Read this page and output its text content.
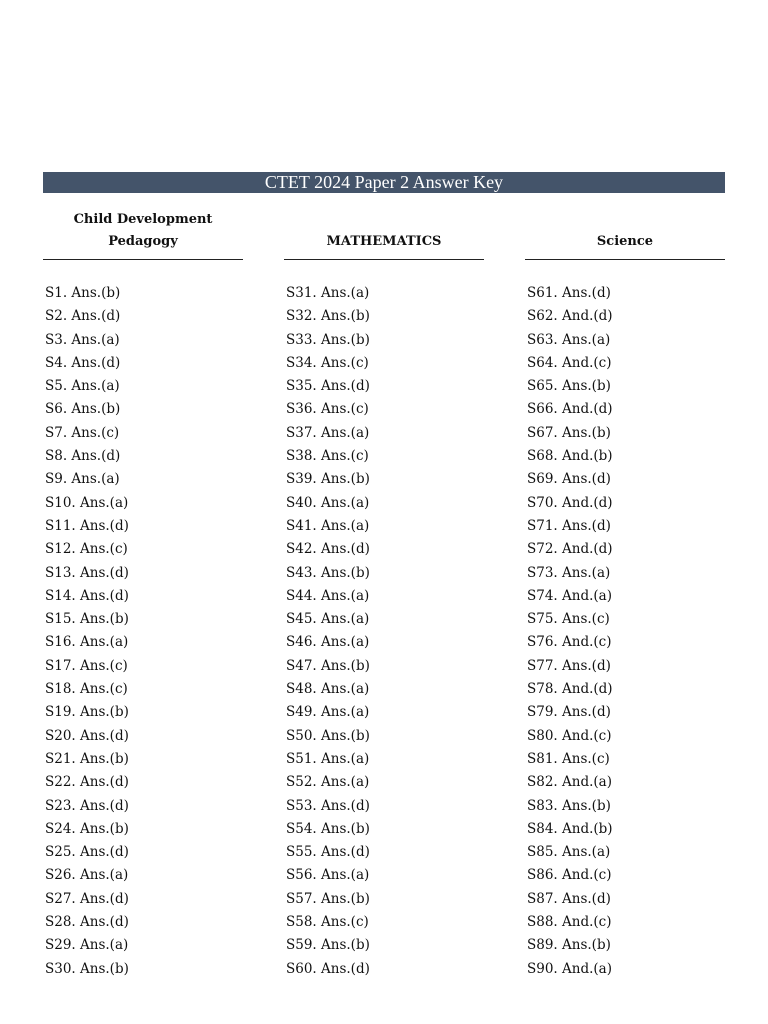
CTET 2024 Paper 2 Answer Key
Child Development
Pedagogy	MATHEMATICS	Science
S1. Ans.(b)
S2. Ans.(d)
S3. Ans.(a)
S4. Ans.(d)
S5. Ans.(a)
S6. Ans.(b)
S7. Ans.(c)
S8. Ans.(d)
S9. Ans.(a)
S10. Ans.(a)
S11. Ans.(d)
S12. Ans.(c)
S13. Ans.(d)
S14. Ans.(d)
S15. Ans.(b)
S16. Ans.(a)
S17. Ans.(c)
S18. Ans.(c)
S19. Ans.(b)
S20. Ans.(d)
S21. Ans.(b)
S22. Ans.(d)
S23. Ans.(d)
S24. Ans.(b)
S25. Ans.(d)
S26. Ans.(a)
S27. Ans.(d)
S28. Ans.(d)
S29. Ans.(a)
S30. Ans.(b)
S31. Ans.(a)
S32. Ans.(b)
S33. Ans.(b)
S34. Ans.(c)
S35. Ans.(d)
S36. Ans.(c)
S37. Ans.(a)
S38. Ans.(c)
S39. Ans.(b)
S40. Ans.(a)
S41. Ans.(a)
S42. Ans.(d)
S43. Ans.(b)
S44. Ans.(a)
S45. Ans.(a)
S46. Ans.(a)
S47. Ans.(b)
S48. Ans.(a)
S49. Ans.(a)
S50. Ans.(b)
S51. Ans.(a)
S52. Ans.(a)
S53. Ans.(d)
S54. Ans.(b)
S55. Ans.(d)
S56. Ans.(a)
S57. Ans.(b)
S58. Ans.(c)
S59. Ans.(b)
S60. Ans.(d)
S61. Ans.(d)
S62. And.(d)
S63. Ans.(a)
S64. And.(c)
S65. Ans.(b)
S66. And.(d)
S67. Ans.(b)
S68. And.(b)
S69. Ans.(d)
S70. And.(d)
S71. Ans.(d)
S72. And.(d)
S73. Ans.(a)
S74. And.(a)
S75. Ans.(c)
S76. And.(c)
S77. Ans.(d)
S78. And.(d)
S79. Ans.(d)
S80. And.(c)
S81. Ans.(c)
S82. And.(a)
S83. Ans.(b)
S84. And.(b)
S85. Ans.(a)
S86. And.(c)
S87. Ans.(d)
S88. And.(c)
S89. Ans.(b)
S90. And.(a)
